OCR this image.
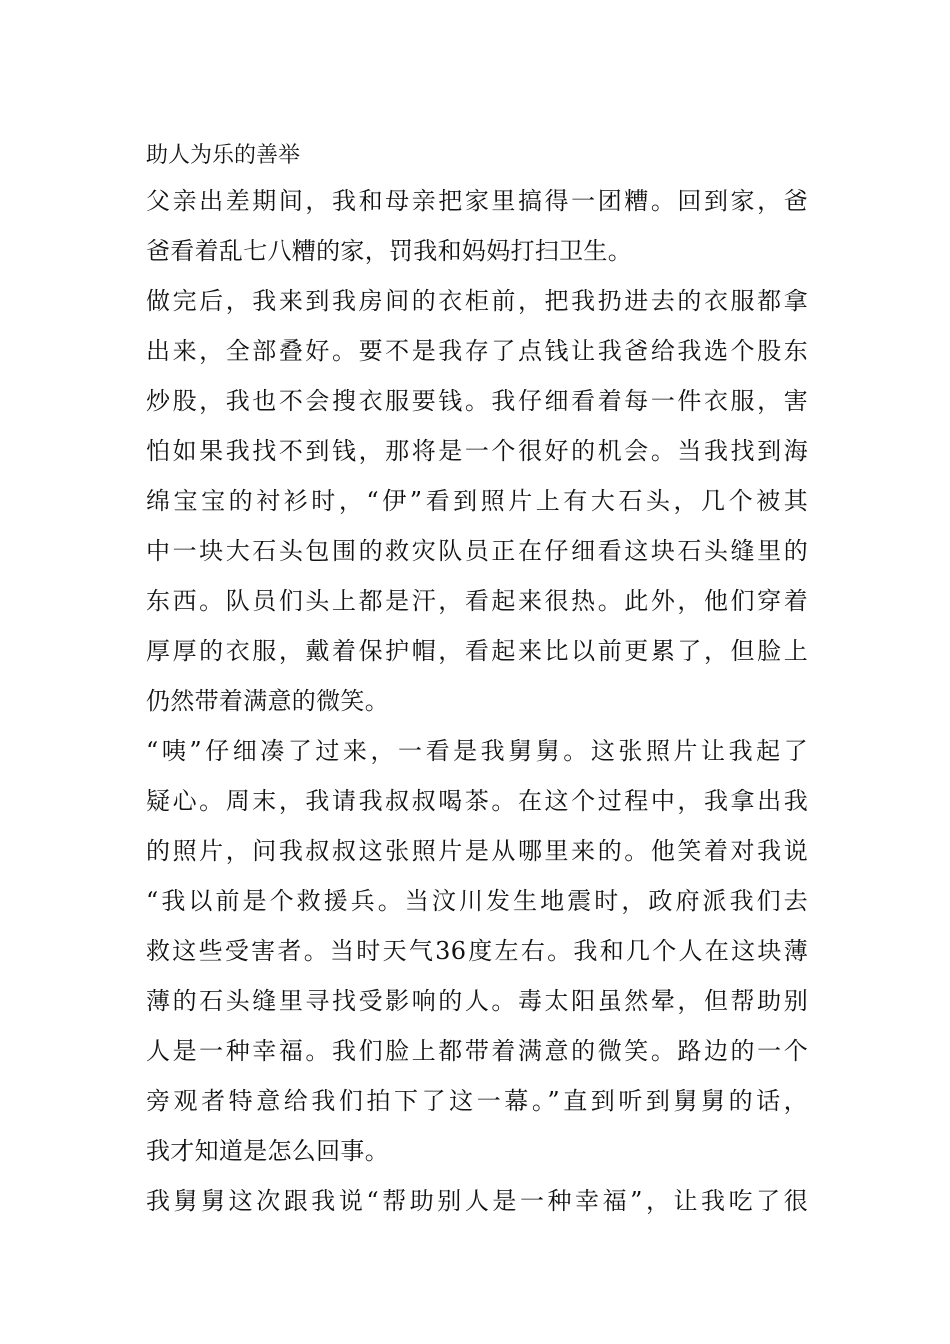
助人为乐的善举
父亲出差期间，我和母亲把家里搞得一团糟。回到家，爸
爸看着乱七八糟的家，罚我和妈妈打扫卫生。
做完后，我来到我房间的衣柜前，把我扔进去的衣服都拿
出来，全部叠好。要不是我存了点钱让我爸给我选个股东
炒股，我也不会搜衣服要钱。我仔细看着每一件衣服，害
怕如果我找不到钱，那将是一个很好的机会。当我找到海
绵宝宝的衬衫时，“伊”看到照片上有大石头，几个被其
中一块大石头包围的救灾队员正在仔细看这块石头缝里的
东西。队员们头上都是汗，看起来很热。此外，他们穿着
厚厚的衣服，戴着保护帽，看起来比以前更累了，但脸上
仍然带着满意的微笑。
“咦”仔细凑了过来，一看是我舅舅。这张照片让我起了
疑心。周末，我请我叔叔喝茶。在这个过程中，我拿出我
的照片，问我叔叔这张照片是从哪里来的。他笑着对我说
“我以前是个救援兵。当汶川发生地震时，政府派我们去
救这些受害者。当时天气36度左右。我和几个人在这块薄
薄的石头缝里寻找受影响的人。毒太阳虽然晕，但帮助别
人是一种幸福。我们脸上都带着满意的微笑。路边的一个
旁观者特意给我们拍下了这一幕。”直到听到舅舅的话，
我才知道是怎么回事。
我舅舅这次跟我说“帮助别人是一种幸福”，让我吃了很
